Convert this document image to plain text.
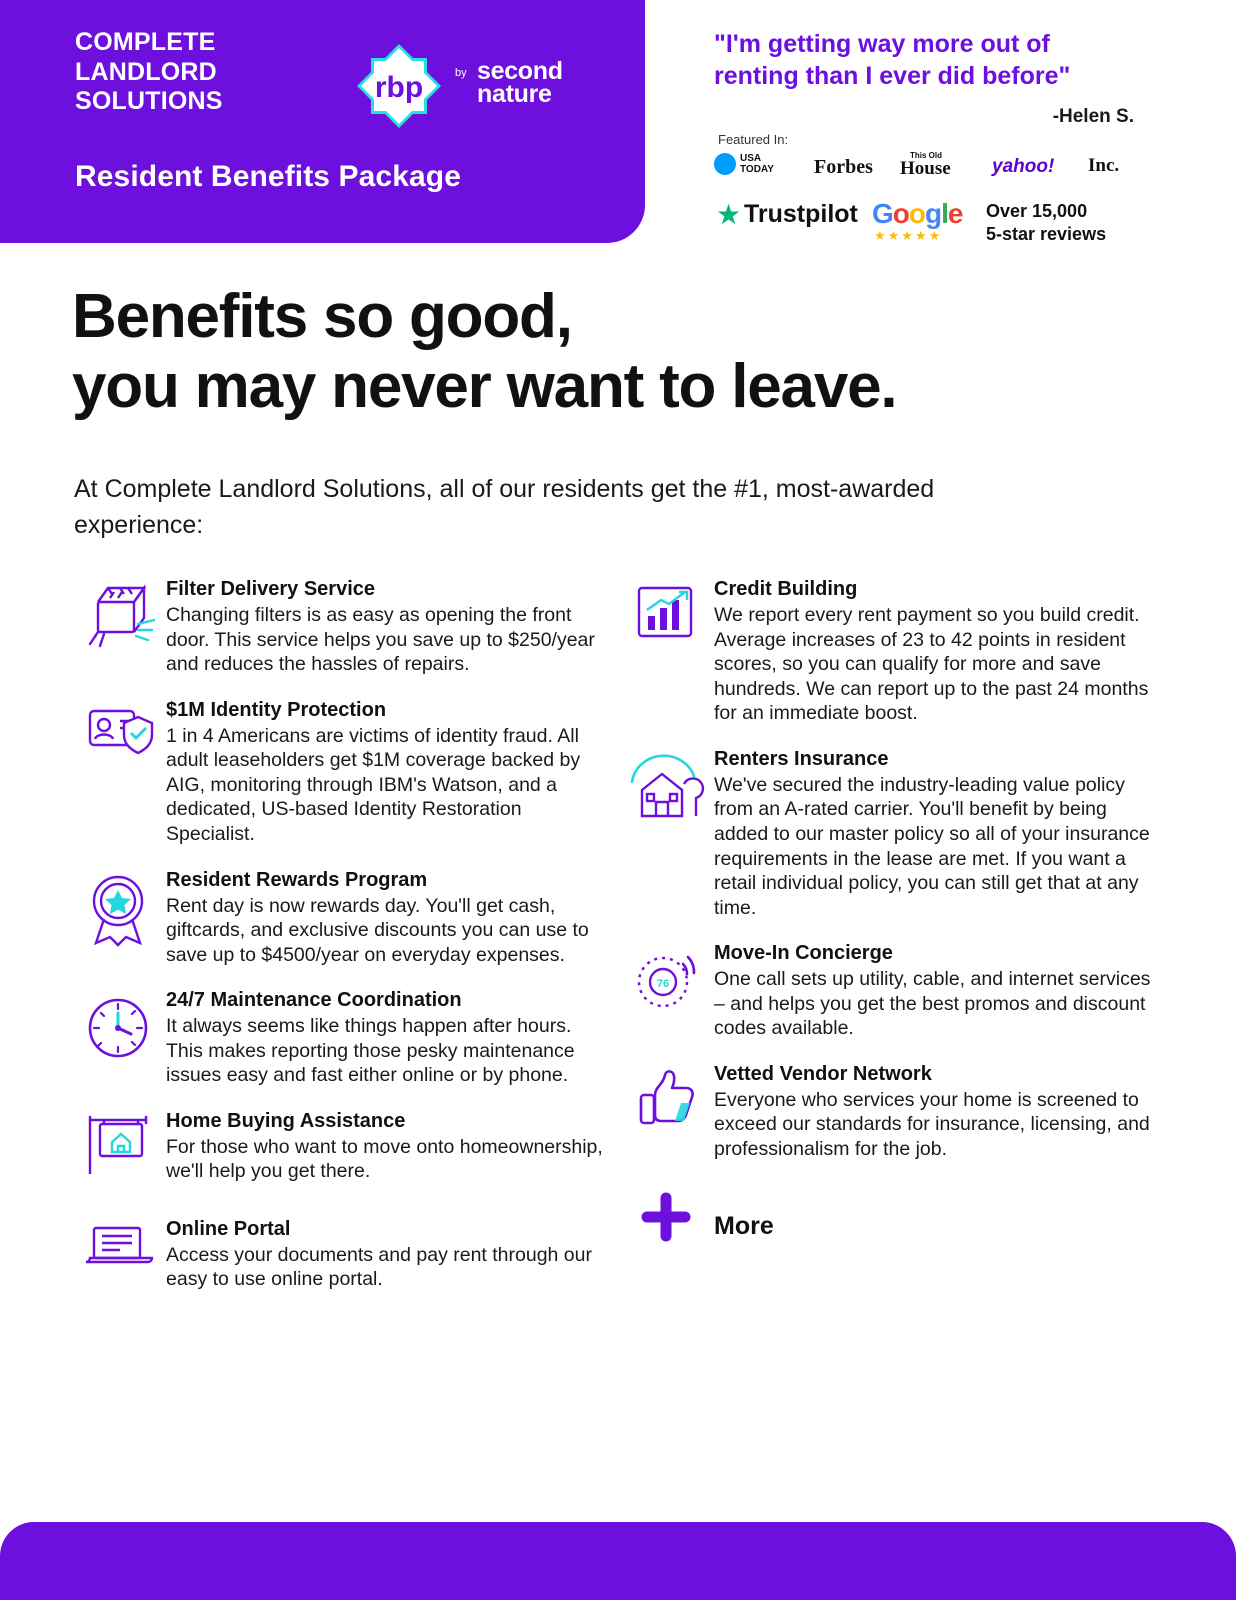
COMPLETE
LANDLORD
SOLUTIONS
Resident Benefits Package
rbp	by second
nature
"I'm getting way more out of renting than I ever did before"
-Helen S.
Featured In:
USA
TODAY Forbes
This Old
House yahoo! Inc.
★ Trustpilot Google
★★★★★
Over 15,000
5-star reviews
Benefits so good,
you may never want to leave.
At Complete Landlord Solutions, all of our residents get the #1, most-awarded experience:
Filter Delivery Service
Changing filters is as easy as opening the front door. This service helps you save up to $250/year and reduces the hassles of repairs.
$1M Identity Protection
1 in 4 Americans are victims of identity fraud. All adult leaseholders get $1M coverage backed by AIG, monitoring through IBM's Watson, and a dedicated, US-based Identity Restoration Specialist.
Resident Rewards Program
Rent day is now rewards day. You'll get cash, giftcards, and exclusive discounts you can use to save up to $4500/year on everyday expenses.
24/7 Maintenance Coordination
It always seems like things happen after hours. This makes reporting those pesky maintenance issues easy and fast either online or by phone.
Home Buying Assistance
For those who want to move onto homeownership, we'll help you get there.
Online Portal
Access your documents and pay rent through our easy to use online portal.
Credit Building
We report every rent payment so you build credit. Average increases of 23 to 42 points in resident scores, so you can qualify for more and save hundreds. We can report up to the past 24 months for an immediate boost.
Renters Insurance
We've secured the industry-leading value policy from an A-rated carrier. You'll benefit by being added to our master policy so all of your insurance requirements in the lease are met. If you want a retail individual policy, you can still get that at any time.
76
Move-In Concierge
One call sets up utility, cable, and internet services – and helps you get the best promos and discount codes available.
Vetted Vendor Network
Everyone who services your home is screened to exceed our standards for insurance, licensing, and professionalism for the job.
More
